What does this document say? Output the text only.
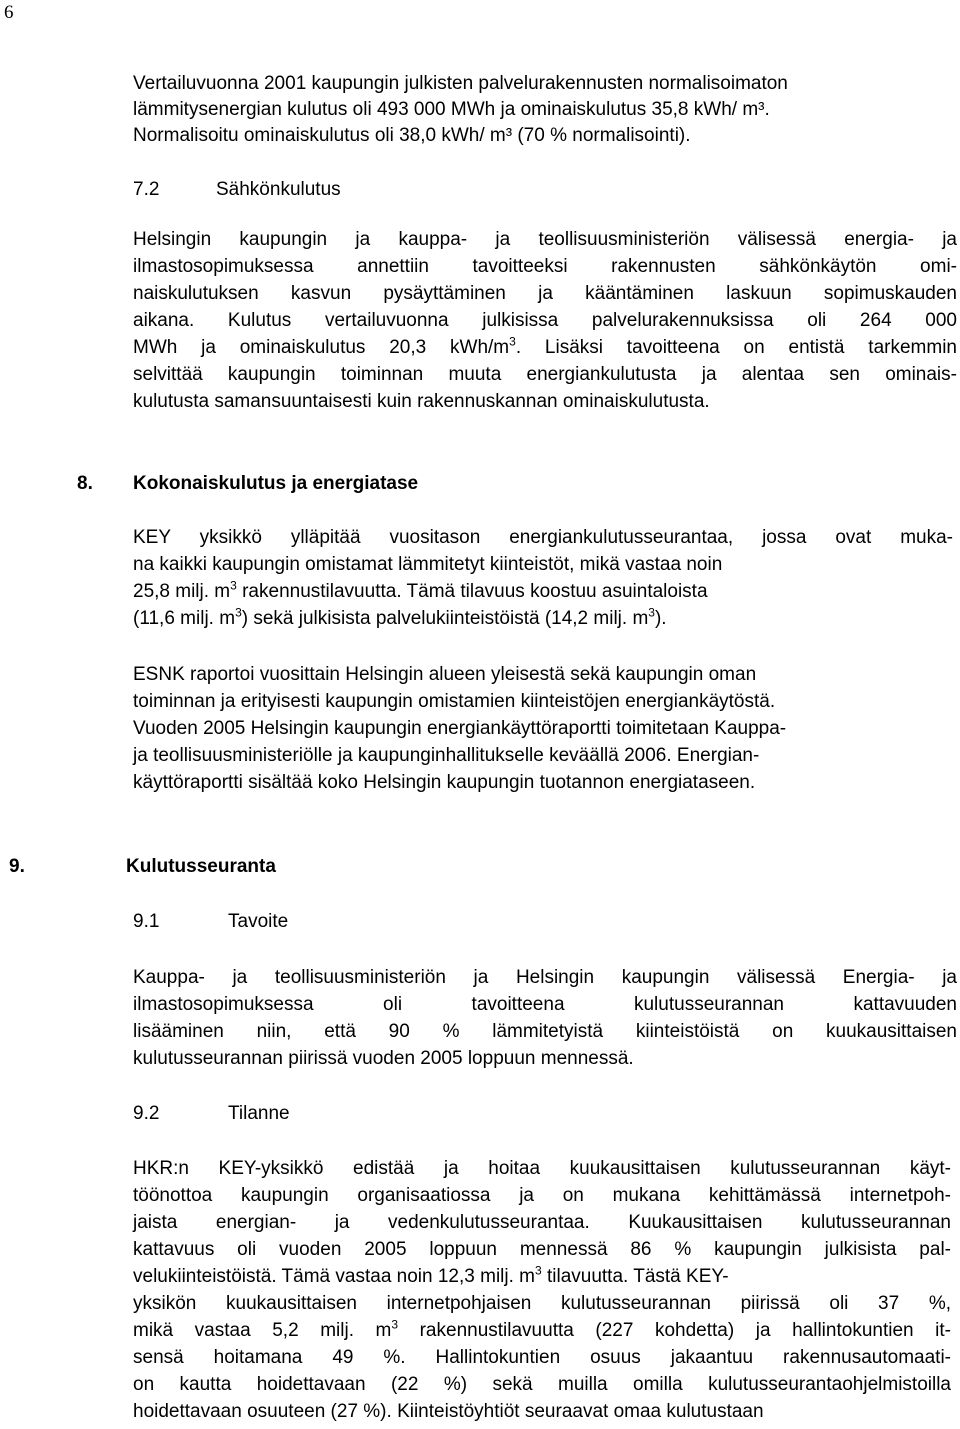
6
Vertailuvuonna 2001 kaupungin julkisten palvelurakennusten normalisoimaton
lämmitysenergian kulutus oli 493 000 MWh ja ominaiskulutus 35,8 kWh/ m³.
Normalisoitu ominaiskulutus oli 38,0 kWh/ m³ (70 % normalisointi).
7.2	Sähkönkulutus
Helsingin kaupungin ja kauppa- ja teollisuusministeriön välisessä energia- ja
ilmastosopimuksessa annettiin tavoitteeksi rakennusten sähkönkäytön omi-
naiskulutuksen kasvun pysäyttäminen ja kääntäminen laskuun sopimuskauden
aikana. Kulutus vertailuvuonna julkisissa palvelurakennuksissa oli 264 000
MWh ja ominaiskulutus 20,3 kWh/$m^3$. Lisäksi tavoitteena on entistä tarkemmin
selvittää kaupungin toiminnan muuta energiankulutusta ja alentaa sen ominais-
kulutusta samansuuntaisesti kuin rakennuskannan ominaiskulutusta.
8. Kokonaiskulutus ja energiatase
KEY yksikkö ylläpitää vuositason energiankulutusseurantaa, jossa ovat muka-
na kaikki kaupungin omistamat lämmitetyt kiinteistöt, mikä vastaa noin
25,8 milj. $m^3$ rakennustilavuutta. Tämä tilavuus koostuu asuintaloista
(11,6 milj. $m^3$) sekä julkisista palvelukiinteistöistä (14,2 milj. $m^3$).
ESNK raportoi vuosittain Helsingin alueen yleisestä sekä kaupungin oman
toiminnan ja erityisesti kaupungin omistamien kiinteistöjen energiankäytöstä.
Vuoden 2005 Helsingin kaupungin energiankäyttöraportti toimitetaan Kauppa-
ja teollisuusministeriölle ja kaupunginhallitukselle keväällä 2006. Energian-
käyttöraportti sisältää koko Helsingin kaupungin tuotannon energiataseen.
9.	Kulutusseuranta
9.1	Tavoite
Kauppa- ja teollisuusministeriön ja Helsingin kaupungin välisessä Energia- ja
ilmastosopimuksessa oli tavoitteena kulutusseurannan kattavuuden
lisääminen niin, että 90 % lämmitetyistä kiinteistöistä on kuukausittaisen
kulutusseurannan piirissä vuoden 2005 loppuun mennessä.
9.2	Tilanne
HKR:n KEY-yksikkö edistää ja hoitaa kuukausittaisen kulutusseurannan käyt-
töönottoa kaupungin organisaatiossa ja on mukana kehittämässä internetpoh-
jaista energian- ja vedenkulutusseurantaa. Kuukausittaisen kulutusseurannan
kattavuus oli vuoden 2005 loppuun mennessä 86 % kaupungin julkisista pal-
velukiinteistöistä. Tämä vastaa noin 12,3 milj. $m^3$ tilavuutta. Tästä KEY-
yksikön kuukausittaisen internetpohjaisen kulutusseurannan piirissä oli 37 %,
mikä vastaa 5,2 milj. $m^3$ rakennustilavuutta (227 kohdetta) ja hallintokuntien it-
sensä hoitamana 49 %. Hallintokuntien osuus jakaantuu rakennusautomaati-
on kautta hoidettavaan (22 %) sekä muilla omilla kulutusseurantaohjelmistoilla
hoidettavaan osuuteen (27 %). Kiinteistöyhtiöt seuraavat omaa kulutustaan
